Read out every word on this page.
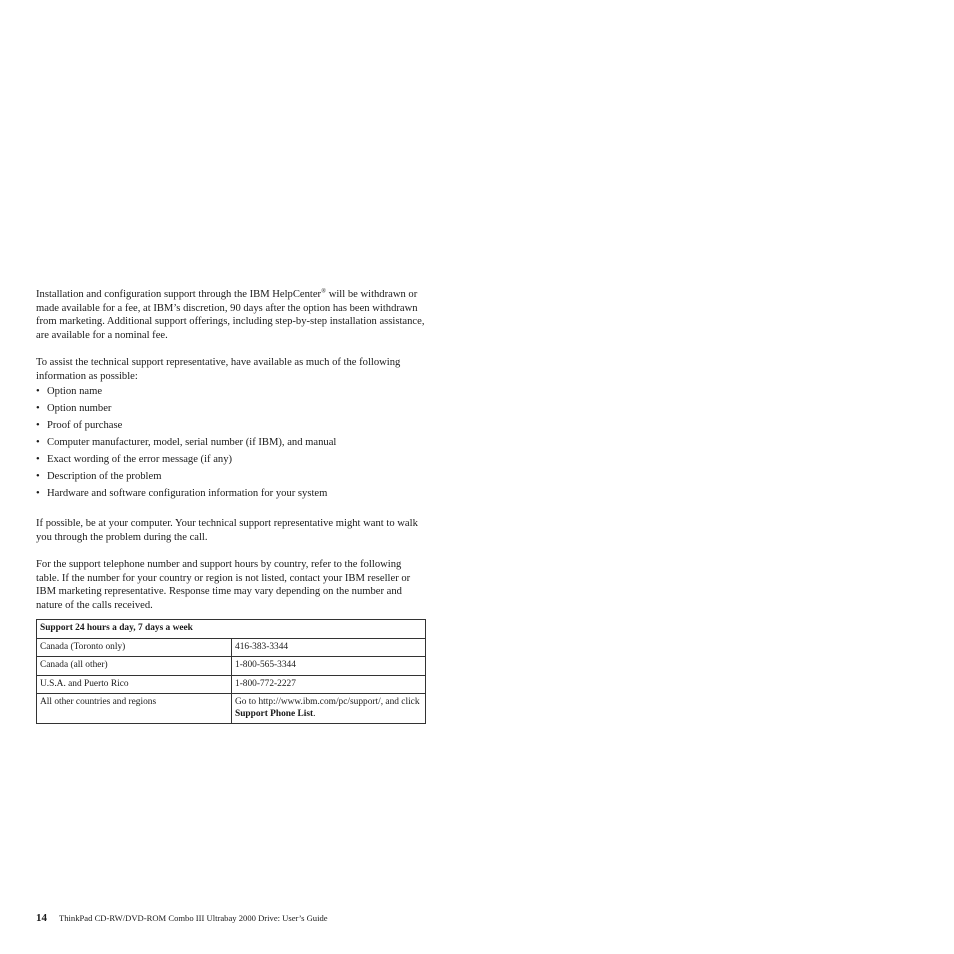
Installation and configuration support through the IBM HelpCenter® will be withdrawn or made available for a fee, at IBM’s discretion, 90 days after the option has been withdrawn from marketing. Additional support offerings, including step-by-step installation assistance, are available for a nominal fee.

To assist the technical support representative, have available as much of the following information as possible:

• Option name
• Option number
• Proof of purchase
• Computer manufacturer, model, serial number (if IBM), and manual
• Exact wording of the error message (if any)
• Description of the problem
• Hardware and software configuration information for your system

If possible, be at your computer. Your technical support representative might want to walk you through the problem during the call.

For the support telephone number and support hours by country, refer to the following table. If the number for your country or region is not listed, contact your IBM reseller or IBM marketing representative. Response time may vary depending on the number and nature of the calls received.

Support 24 hours a day, 7 days a week	
Canada (Toronto only)	416-383-3344
Canada (all other)	1-800-565-3344
U.S.A. and Puerto Rico	1-800-772-2227
All other countries and regions	Go to http://www.ibm.com/pc/support/, and click Support Phone List.
14 ThinkPad CD-RW/DVD-ROM Combo III Ultrabay 2000 Drive: User’s Guide
